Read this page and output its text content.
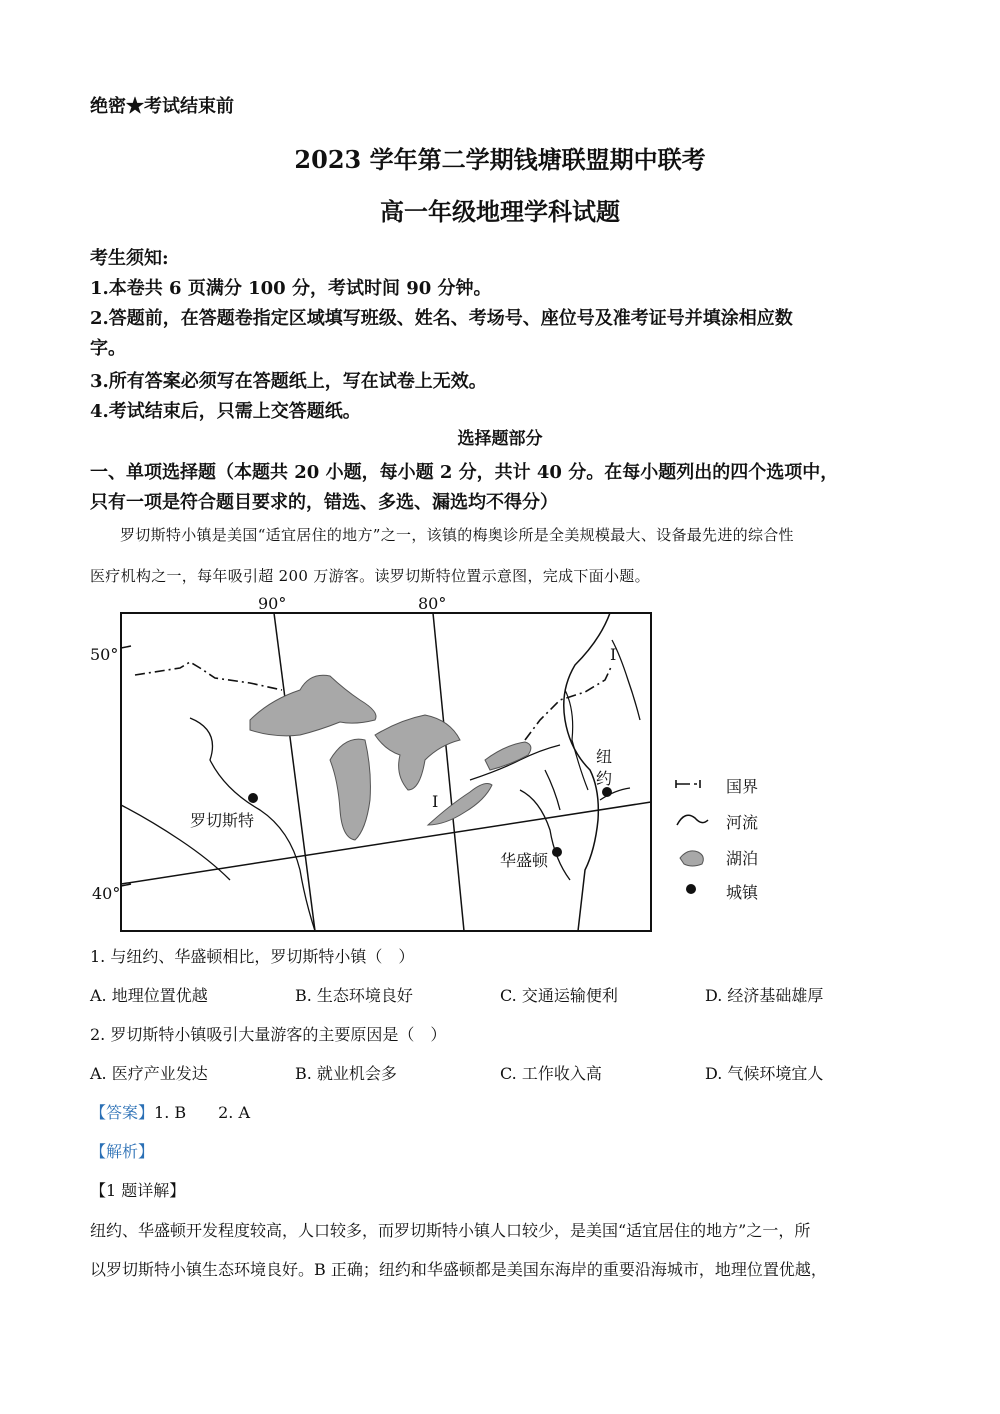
绝密★考试结束前
2023 学年第二学期钱塘联盟期中联考
高一年级地理学科试题
考生须知:
1.本卷共 6 页满分 100 分，考试时间 90 分钟。
2.答题前，在答题卷指定区域填写班级、姓名、考场号、座位号及准考证号并填涂相应数
字。
3.所有答案必须写在答题纸上，写在试卷上无效。
4.考试结束后，只需上交答题纸。
选择题部分
一、单项选择题（本题共 20 小题，每小题 2 分，共计 40 分。在每小题列出的四个选项中，
只有一项是符合题目要求的，错选、多选、漏选均不得分）
罗切斯特小镇是美国“适宜居住的地方”之一，该镇的梅奥诊所是全美规模最大、设备最先进的综合性
医疗机构之一，每年吸引超 200 万游客。读罗切斯特位置示意图，完成下面小题。
90°	80°
50°
40°
罗切斯特
纽
约
华盛顿
I
I
国界
河流
湖泊
城镇
1. 与纽约、华盛顿相比，罗切斯特小镇（　）
A. 地理位置优越	B. 生态环境良好	C. 交通运输便利	D. 经济基础雄厚
2. 罗切斯特小镇吸引大量游客的主要原因是（　）
A. 医疗产业发达	B. 就业机会多	C. 工作收入高	D. 气候环境宜人
【答案】1. B　　2. A
【解析】
【1 题详解】
纽约、华盛顿开发程度较高，人口较多，而罗切斯特小镇人口较少，是美国“适宜居住的地方”之一，所
以罗切斯特小镇生态环境良好。B 正确；纽约和华盛顿都是美国东海岸的重要沿海城市，地理位置优越，
